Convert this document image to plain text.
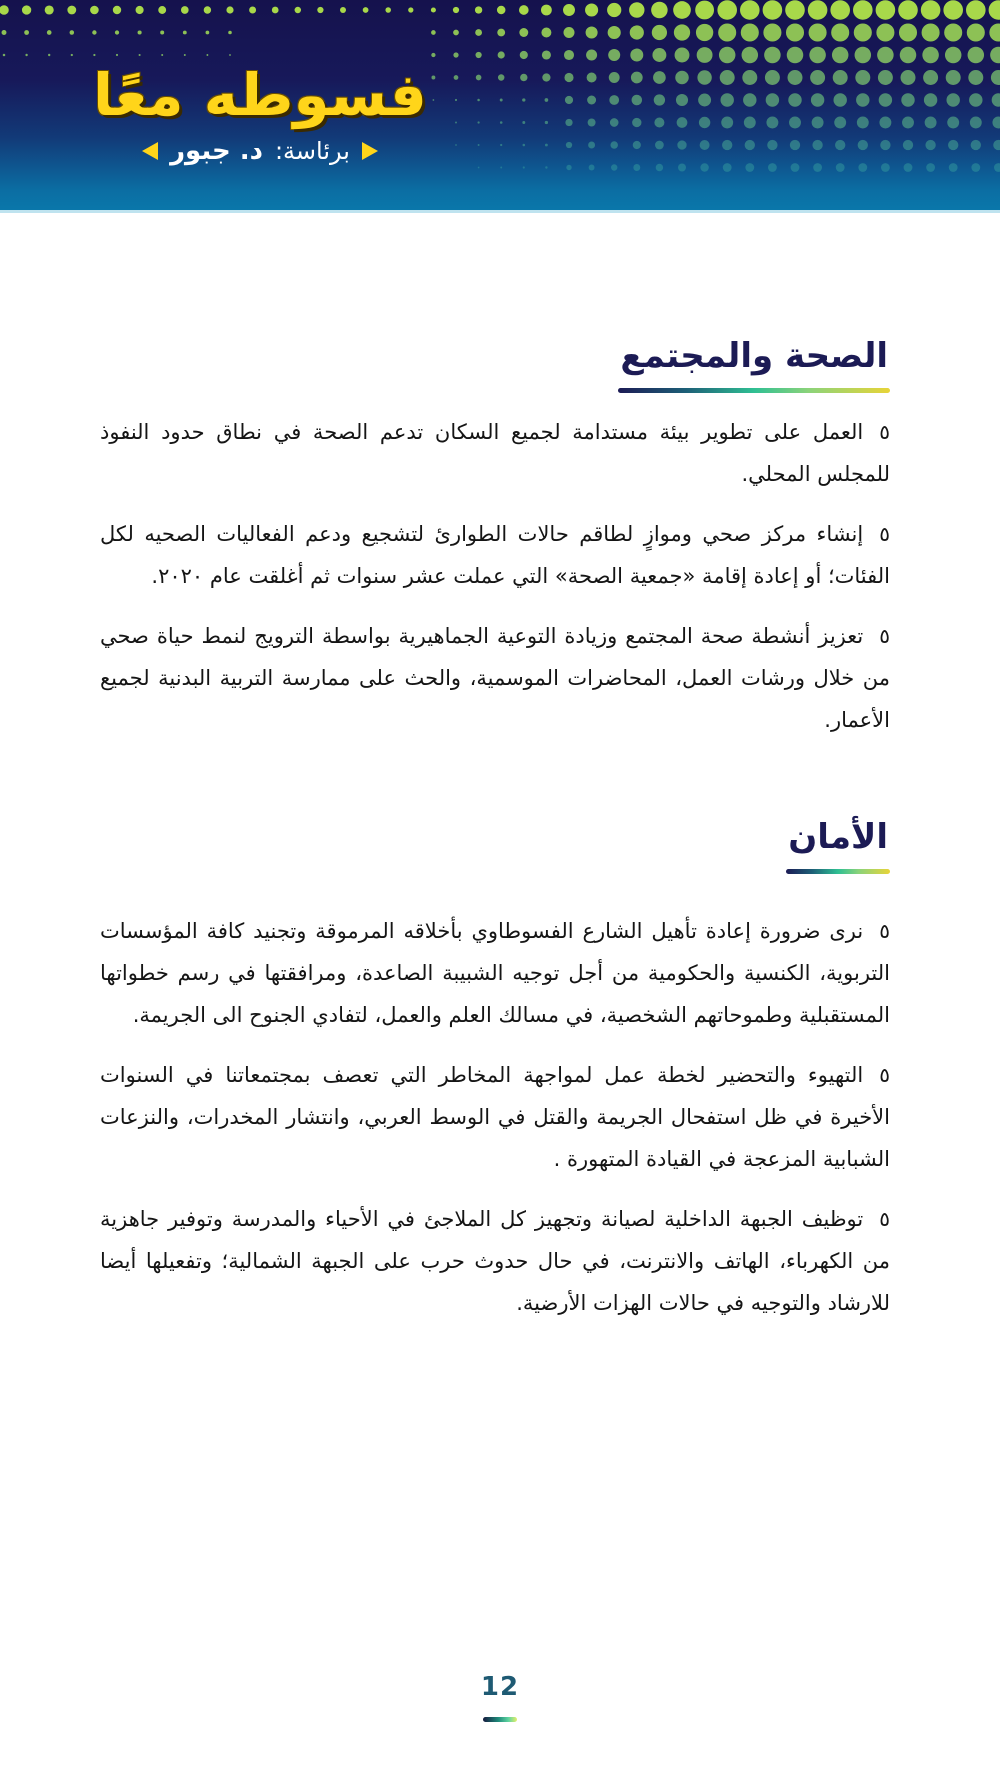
فسوطه معًا
برئاسة:
د. جبور
الصحة والمجتمع

٥العمل على تطوير بيئة مستدامة لجميع السكان تدعم الصحة في نطاق حدود النفوذ للمجلس المحلي.

٥إنشاء مركز صحي وموازٍ لطاقم حالات الطوارئ لتشجيع ودعم الفعاليات الصحيه لكل الفئات؛ أو إعادة إقامة «جمعية الصحة» التي عملت عشر سنوات ثم أغلقت عام ٢٠٢٠.

٥تعزيز أنشطة صحة المجتمع وزيادة التوعية الجماهيرية بواسطة الترويج لنمط حياة صحي من خلال ورشات العمل، المحاضرات الموسمية، والحث على ممارسة التربية البدنية لجميع الأعمار.

الأمان

٥نرى ضرورة إعادة تأهيل الشارع الفسوطاوي بأخلاقه المرموقة وتجنيد كافة المؤسسات التربوية، الكنسية والحكومية من أجل توجيه الشبيبة الصاعدة، ومرافقتها في رسم خطواتها المستقبلية وطموحاتهم الشخصية، في مسالك العلم والعمل، لتفادي الجنوح الى الجريمة.

٥التهيوء والتحضير لخطة عمل لمواجهة المخاطر التي تعصف بمجتمعاتنا في السنوات الأخيرة في ظل استفحال الجريمة والقتل في الوسط العربي، وانتشار المخدرات، والنزعات الشبابية المزعجة في القيادة المتهورة .

٥توظيف الجبهة الداخلية لصيانة وتجهيز كل الملاجئ في الأحياء والمدرسة وتوفير جاهزية من الكهرباء، الهاتف والانترنت، في حال حدوث حرب على الجبهة الشمالية؛ وتفعيلها أيضا للارشاد والتوجيه في حالات الهزات الأرضية.

12
